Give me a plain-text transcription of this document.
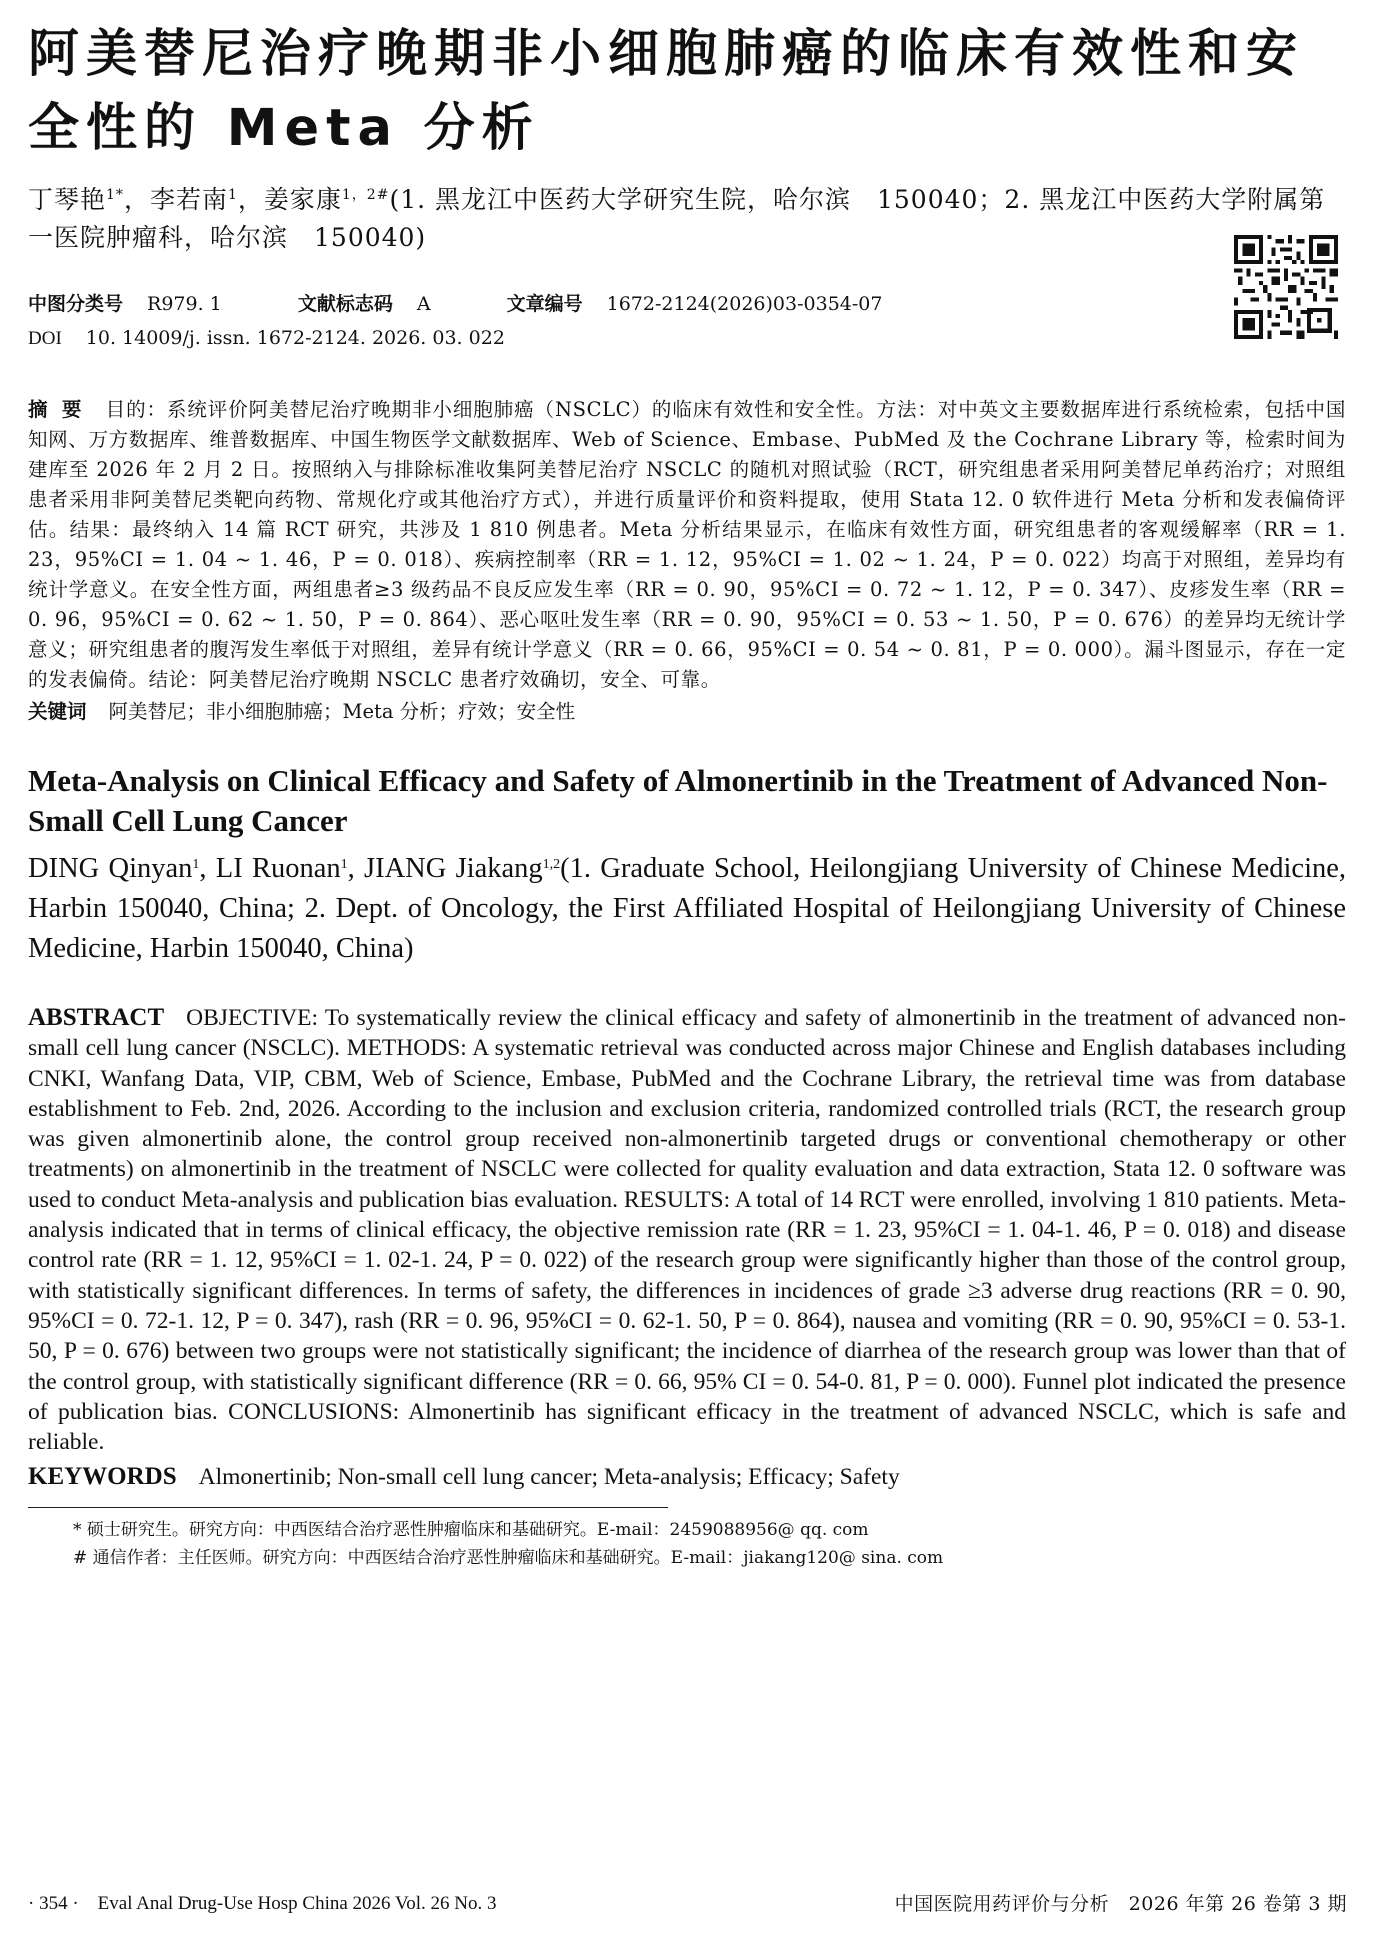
阿美替尼治疗晚期非小细胞肺癌的临床有效性和安全性的 Meta 分析
丁琴艳$^{1*}$，李若南$^1$，姜家康$^{1,2\#}$(1. 黑龙江中医药大学研究生院，哈尔滨　150040；2. 黑龙江中医药大学附属第一医院肿瘤科，哈尔滨　150040)
中图分类号 R979. 1	文献标志码 A	文章编号 1672-2124(2026)03-0354-07
DOI 10. 14009/j. issn. 1672-2124. 2026. 03. 022
摘要 目的：系统评价阿美替尼治疗晚期非小细胞肺癌（NSCLC）的临床有效性和安全性。方法：对中英文主要数据库进行系统检索，包括中国知网、万方数据库、维普数据库、中国生物医学文献数据库、Web of Science、Embase、PubMed 及 the Cochrane Library 等，检索时间为建库至 2026 年 2 月 2 日。按照纳入与排除标准收集阿美替尼治疗 NSCLC 的随机对照试验（RCT，研究组患者采用阿美替尼单药治疗；对照组患者采用非阿美替尼类靶向药物、常规化疗或其他治疗方式），并进行质量评价和资料提取，使用 Stata 12. 0 软件进行 Meta 分析和发表偏倚评估。结果：最终纳入 14 篇 RCT 研究，共涉及 1 810 例患者。Meta 分析结果显示，在临床有效性方面，研究组患者的客观缓解率（RR = 1. 23，95%CI = 1. 04 ~ 1. 46，P = 0. 018）、疾病控制率（RR = 1. 12，95%CI = 1. 02 ~ 1. 24，P = 0. 022）均高于对照组，差异均有统计学意义。在安全性方面，两组患者≥3 级药品不良反应发生率（RR = 0. 90，95%CI = 0. 72 ~ 1. 12，P = 0. 347）、皮疹发生率（RR = 0. 96，95%CI = 0. 62 ~ 1. 50，P = 0. 864）、恶心呕吐发生率（RR = 0. 90，95%CI = 0. 53 ~ 1. 50，P = 0. 676）的差异均无统计学意义；研究组患者的腹泻发生率低于对照组，差异有统计学意义（RR = 0. 66，95%CI = 0. 54 ~ 0. 81，P = 0. 000）。漏斗图显示，存在一定的发表偏倚。结论：阿美替尼治疗晚期 NSCLC 患者疗效确切，安全、可靠。
关键词 阿美替尼；非小细胞肺癌；Meta 分析；疗效；安全性
Meta-Analysis on Clinical Efficacy and Safety of Almonertinib in the Treatment of Advanced Non-Small Cell Lung Cancer
DING Qinyan$^1$, LI Ruonan$^1$, JIANG Jiakang$^{1,2}$(1. Graduate School, Heilongjiang University of Chinese Medicine, Harbin 150040, China; 2. Dept. of Oncology, the First Affiliated Hospital of Heilongjiang University of Chinese Medicine, Harbin 150040, China)
ABSTRACT OBJECTIVE: To systematically review the clinical efficacy and safety of almonertinib in the treatment of advanced non-small cell lung cancer (NSCLC). METHODS: A systematic retrieval was conducted across major Chinese and English databases including CNKI, Wanfang Data, VIP, CBM, Web of Science, Embase, PubMed and the Cochrane Library, the retrieval time was from database establishment to Feb. 2nd, 2026. According to the inclusion and exclusion criteria, randomized controlled trials (RCT, the research group was given almonertinib alone, the control group received non-almonertinib targeted drugs or conventional chemotherapy or other treatments) on almonertinib in the treatment of NSCLC were collected for quality evaluation and data extraction, Stata 12. 0 software was used to conduct Meta-analysis and publication bias evaluation. RESULTS: A total of 14 RCT were enrolled, involving 1 810 patients. Meta-analysis indicated that in terms of clinical efficacy, the objective remission rate (RR = 1. 23, 95%CI = 1. 04-1. 46, P = 0. 018) and disease control rate (RR = 1. 12, 95%CI = 1. 02-1. 24, P = 0. 022) of the research group were significantly higher than those of the control group, with statistically significant differences. In terms of safety, the differences in incidences of grade ≥3 adverse drug reactions (RR = 0. 90, 95%CI = 0. 72-1. 12, P = 0. 347), rash (RR = 0. 96, 95%CI = 0. 62-1. 50, P = 0. 864), nausea and vomiting (RR = 0. 90, 95%CI = 0. 53-1. 50, P = 0. 676) between two groups were not statistically significant; the incidence of diarrhea of the research group was lower than that of the control group, with statistically significant difference (RR = 0. 66, 95% CI = 0. 54-0. 81, P = 0. 000). Funnel plot indicated the presence of publication bias. CONCLUSIONS: Almonertinib has significant efficacy in the treatment of advanced NSCLC, which is safe and reliable.
KEYWORDS Almonertinib; Non-small cell lung cancer; Meta-analysis; Efficacy; Safety
* 硕士研究生。研究方向：中西医结合治疗恶性肿瘤临床和基础研究。E-mail：2459088956@ qq. com
# 通信作者：主任医师。研究方向：中西医结合治疗恶性肿瘤临床和基础研究。E-mail：jiakang120@ sina. com
· 354 ·　Eval Anal Drug-Use Hosp China 2026 Vol. 26 No. 3	中国医院用药评价与分析　2026 年第 26 卷第 3 期
